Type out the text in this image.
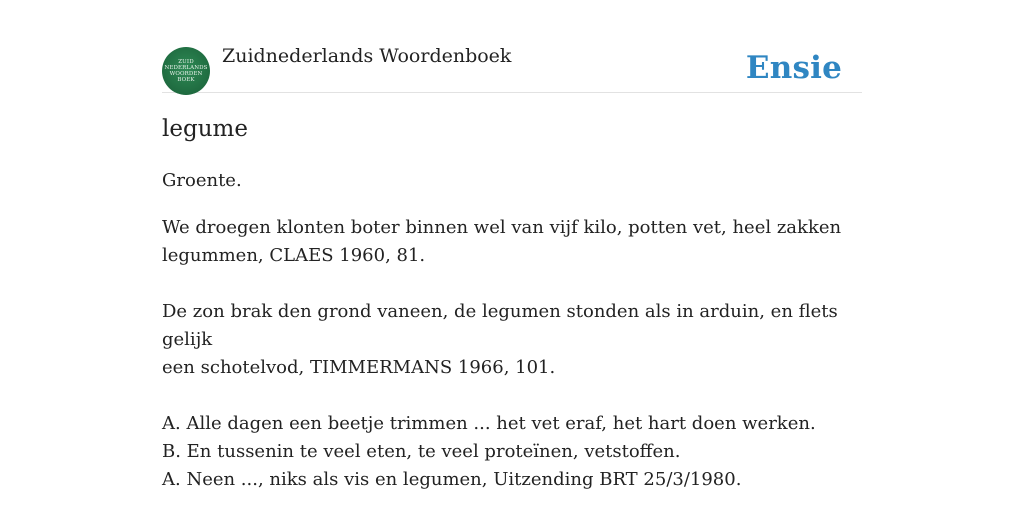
ZUID
NEDERLANDS
WOORDEN
BOEK
Zuidnederlands Woordenboek	Ensie
legume
Groente.

We droegen klonten boter binnen wel van vijf kilo, potten vet, heel zakken
legummen, CLAES 1960, 81.

De zon brak den grond vaneen, de legumen stonden als in arduin, en flets gelijk
een schotelvod, TIMMERMANS 1966, 101.

A. Alle dagen een beetje trimmen ... het vet eraf, het hart doen werken.
B. En tussenin te veel eten, te veel proteïnen, vetstoffen.
A. Neen ..., niks als vis en legumen, Uitzending BRT 25/3/1980.
